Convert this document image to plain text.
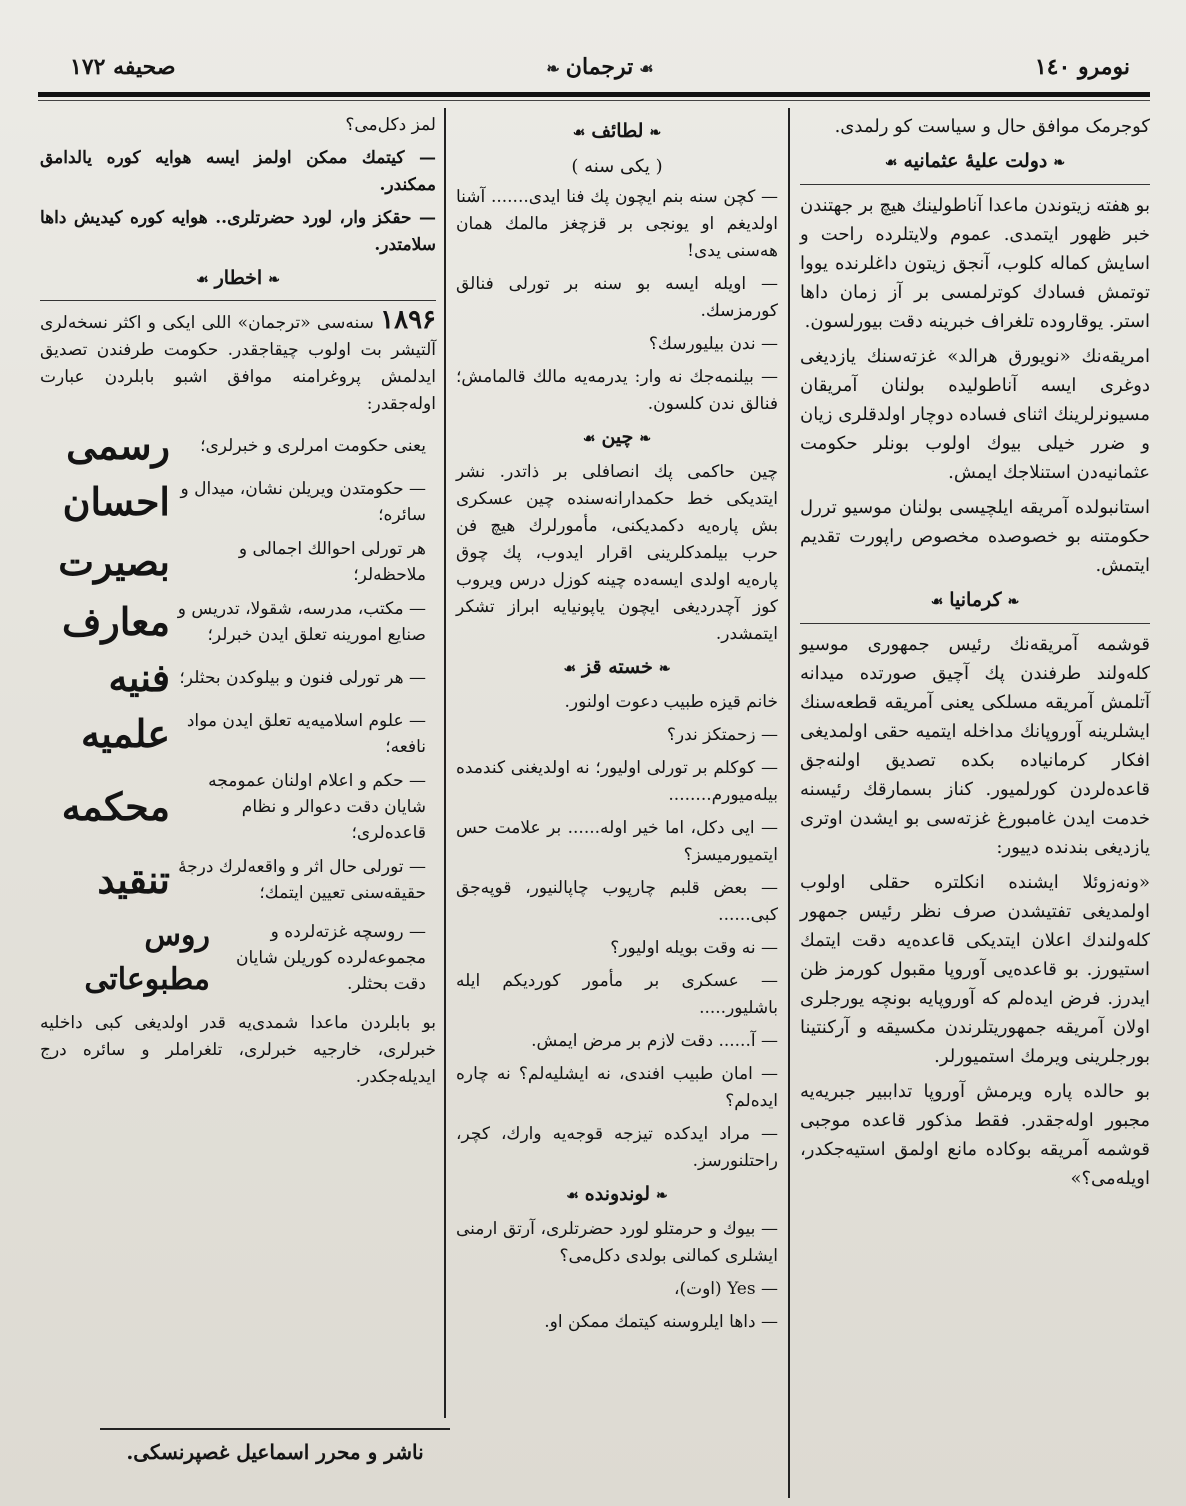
صحیفه ۱۷۲	❧ ترجمان ☙	نومرو ۱٤۰

کوجرمک موافق حال و سیاست کو رلمدی.

❧دولت علیهٔ عثمانیه☙

بو هفته زیتوندن ماعدا آناطولینك هیچ بر جهتندن خبر ظهور ایتمدی. عموم ولایتلرده راحت و اسایش کماله کلوب، آنجق زیتون داغلرنده یووا توتمش فسادك کوترلمسی بر آز زمان داها استر. یوقاروده تلغراف خبرینه دقت بیورلسون.

امریقه‌نك «نویورق هرالد» غزته‌سنك یازدیغی دوغری ایسه آناطولیده بولنان آمریقان مسیونرلرینك اثنای فساده دوچار اولدقلری زیان و ضرر خیلی بیوك اولوب بونلر حکومت عثمانیه‌دن استنلاجك ایمش.

استانبولده آمریقه ایلچیسی بولنان موسیو تررل حکومتنه بو خصوصده مخصوص راپورت تقدیم ایتمش.

❧کرمانیا☙

قوشمه آمریقه‌نك رئیس جمهوری موسیو کله‌ولند طرفندن پك آچیق صورتده میدانه آتلمش آمریقه مسلکی یعنی آمریقه قطعه‌سنك ایشلرینه آوروپانك مداخله ایتمیه حقی اولمدیغی افکار کرمانیاده بکده تصدیق اولنه‌جق قاعده‌لردن کورلمیور. کناز بسمارقك رئیسنه خدمت ایدن غامبورغ غزته‌سی بو ایشدن اوتری یازدیغی بندنده دییور:

«ونه‌زوئلا ایشنده انکلتره حقلی اولوب اولمدیغی تفتیشدن صرف نظر رئیس جمهور کله‌ولندك اعلان ایتدیکی قاعده‌یه دقت ایتمك استیورز. بو قاعده‌یی آوروپا مقبول کورمز ظن ایدرز. فرض ایده‌لم که آوروپایه بونچه یورجلری اولان آمریقه جمهوریتلرندن مکسیقه و آرکنتینا بورجلرینی ویرمك استمیورلر.

بو حالده پاره ویرمش آوروپا تداببیر جبریه‌یه مجبور اوله‌جقدر. فقط مذکور قاعده موجبی قوشمه آمریقه بوکاده مانع اولمق استیه‌جکدر، اویله‌می؟»

❧لطائف☙
( یکی سنه )

— کچن سنه بنم ایچون پك فنا ایدی....... آشنا اولدیغم او یونجی بر قزچغز مالمك همان هه‌سنی یدی!

— اویله ایسه بو سنه بر تورلی فنالق کورمزسك.

— ندن بیلیورسك؟

— بیلنمه‌جك نه وار: یدرمه‌یه مالك قالمامش؛ فنالق ندن کلسون.

❧چین☙

چین حاکمی پك انصافلی بر ذاتدر. نشر ایتدیکی خط حکمدارانه‌سنده چین عسکری بش پاره‌یه دکمدیکنی، مأمورلرك هیچ فن حرب بیلمدکلرینی اقرار ایدوب، پك چوق پاره‌یه اولدی ایسه‌ده چینه کوزل درس ویروب کوز آچدردیغی ایچون یاپونیایه ابراز تشکر ایتمشدر.

❧خسته قز☙

خانم قیزه طبیب دعوت اولنور.

— زحمتکز ندر؟

— کوکلم بر تورلی اولیور؛ نه اولدیغنی کندمده بیله‌میورم........

— ایی دکل، اما خیر اوله...... بر علامت حس ایتمیورمیسز؟

— بعض قلبم چارپوب چاپالنیور، قوپه‌جق کبی......

— نه وقت بویله اولیور؟

— عسکری بر مأمور کوردیکم ایله باشلیور.....

— آ...... دقت لازم بر مرض ایمش.

— امان طبیب افندی، نه ایشلیه‌لم؟ نه چاره ایده‌لم؟

— مراد ایدکده تیزجه قوجه‌یه وارك، کچر، راحتلنورسز.

❧لوندونده☙

— بیوك و حرمتلو لورد حضرتلری، آرتق ارمنی ایشلری کمالنی بولدی دکل‌می؟

— Yes (اوت)،

— داها ایلروسنه کیتمك ممکن او.

لمز دکل‌می؟

— کیتمك ممکن اولمز ایسه هوایه کوره یالدامق ممکندر.

— حقکز وار، لورد حضرتلری.. هوایه کوره کیدیش داها سلامتدر.

❧اخطار☙

۱۸۹۶ سنه‌سی «ترجمان» اللی ایکی و اکثر نسخه‌لری آلتیشر بت اولوب چیقاجقدر. حکومت طرفندن تصدیق ایدلمش پروغرامنه موافق اشبو بابلردن عبارت اوله‌جقدر:

رسمی	یعنی حکومت امرلری و خبرلری؛
احسان — حکومتدن ویریلن نشان، میدال و سائره؛
بصیرت	هر تورلی احوالك اجمالی و ملاحظه‌لر؛
معارف — مکتب، مدرسه، شقولا، تدریس و صنایع امورینه تعلق ایدن خبرلر؛
فنیه — هر تورلی فنون و بیلوکدن بحثلر؛
علمیه — علوم اسلامیه‌یه تعلق ایدن مواد نافعه؛
محکمه
— حکم و اعلام اولنان عمومجه شایان دقت دعوالر و نظام قاعده‌لری؛
تنقید — تورلی حال اثر و واقعه‌لرك درجهٔ حقیقه‌سنی تعیین ایتمك؛
روس مطبوعاتی
— روسچه غزته‌لرده و مجموعه‌لرده کوریلن شایان دقت بحثلر.

بو بابلردن ماعدا شمدی‌یه قدر اولدیغی کبی داخلیه خبرلری، خارجیه خبرلری، تلغراملر و سائره درج ایدیله‌جکدر.

ناشر و محرر اسماعیل غصپرنسکی.
